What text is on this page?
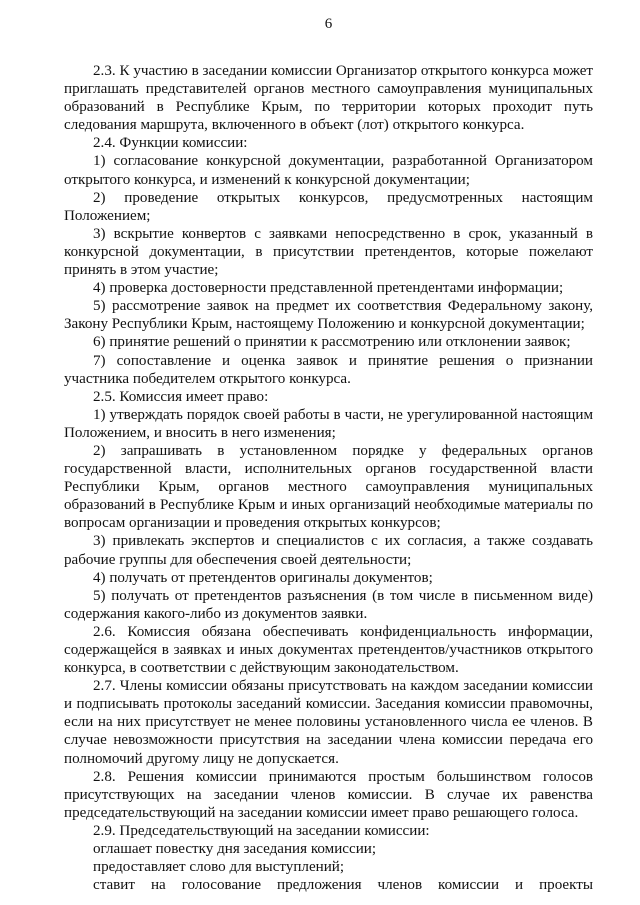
6

2.3. К участию в заседании комиссии Организатор открытого конкурса может приглашать представителей органов местного самоуправления муниципальных образований в Республике Крым, по территории которых проходит путь следования маршрута, включенного в объект (лот) открытого конкурса.

2.4. Функции комиссии:

1) согласование конкурсной документации, разработанной Организатором открытого конкурса, и изменений к конкурсной документации;

2) проведение открытых конкурсов, предусмотренных настоящим Положением;

3) вскрытие конвертов с заявками непосредственно в срок, указанный в конкурсной документации, в присутствии претендентов, которые пожелают принять в этом участие;

4) проверка достоверности представленной претендентами информации;

5) рассмотрение заявок на предмет их соответствия Федеральному закону, Закону Республики Крым, настоящему Положению и конкурсной документации;

6) принятие решений о принятии к рассмотрению или отклонении заявок;

7) сопоставление и оценка заявок и принятие решения о признании участника победителем открытого конкурса.

2.5. Комиссия имеет право:

1) утверждать порядок своей работы в части, не урегулированной настоящим Положением, и вносить в него изменения;

2) запрашивать в установленном порядке у федеральных органов государственной власти, исполнительных органов государственной власти Республики Крым, органов местного самоуправления муниципальных образований в Республике Крым и иных организаций необходимые материалы по вопросам организации и проведения открытых конкурсов;

3) привлекать экспертов и специалистов с их согласия, а также создавать рабочие группы для обеспечения своей деятельности;

4) получать от претендентов оригиналы документов;

5) получать от претендентов разъяснения (в том числе в письменном виде) содержания какого-либо из документов заявки.

2.6. Комиссия обязана обеспечивать конфиденциальность информации, содержащейся в заявках и иных документах претендентов/участников открытого конкурса, в соответствии с действующим законодательством.

2.7. Члены комиссии обязаны присутствовать на каждом заседании комиссии и подписывать протоколы заседаний комиссии. Заседания комиссии правомочны, если на них присутствует не менее половины установленного числа ее членов. В случае невозможности присутствия на заседании члена комиссии передача его полномочий другому лицу не допускается.

2.8. Решения комиссии принимаются простым большинством голосов присутствующих на заседании членов комиссии. В случае их равенства председательствующий на заседании комиссии имеет право решающего голоса.

2.9. Председательствующий на заседании комиссии:

оглашает повестку дня заседания комиссии;

предоставляет слово для выступлений;

ставит на голосование предложения членов комиссии и проекты
